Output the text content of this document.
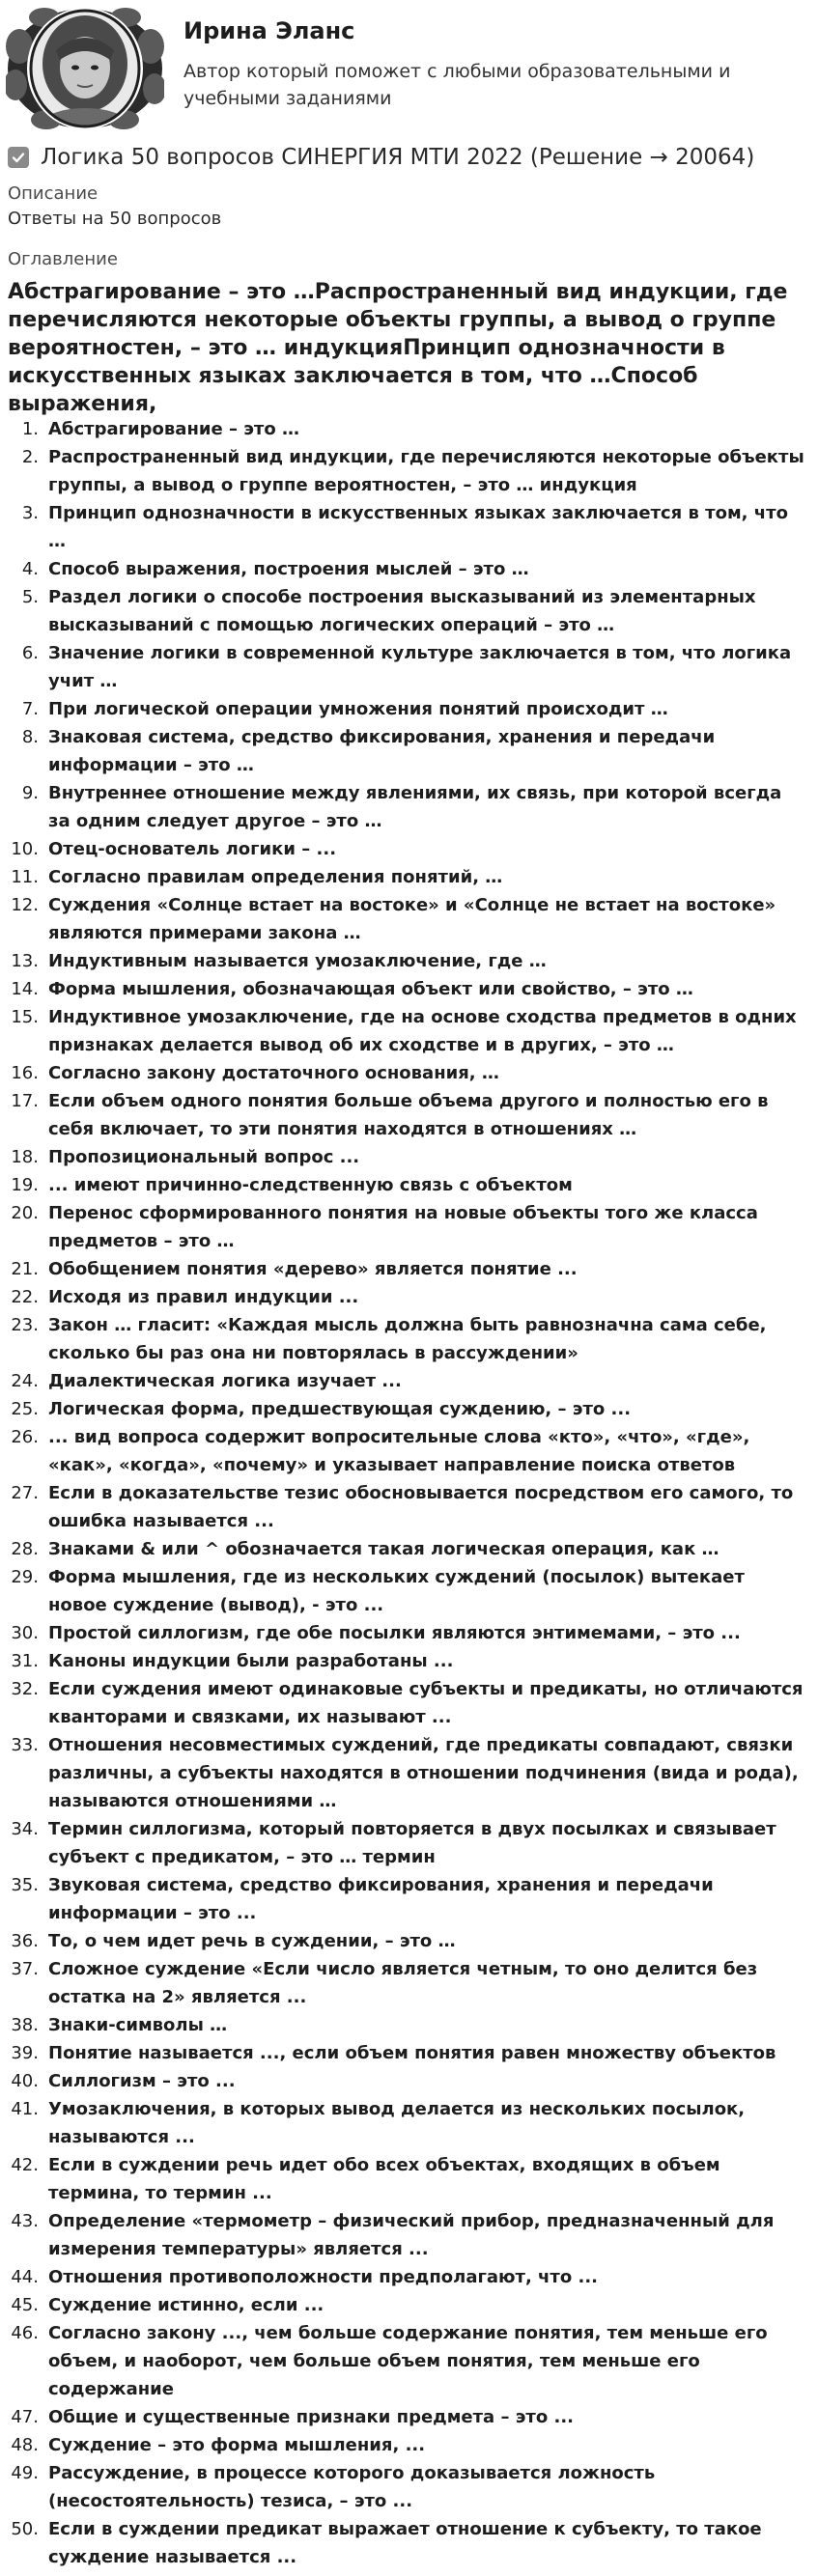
Ирина Эланс
Автор который поможет с любыми образовательными и учебными заданиями
Логика 50 вопросов СИНЕРГИЯ МТИ 2022 (Решение → 20064)
Описание
Ответы на 50 вопросов
Оглавление
Абстрагирование – это …Распространенный вид индукции, где перечисляются некоторые объекты группы, а вывод о группе вероятностен, – это … индукцияПринцип однозначности в искусственных языках заключается в том, что …Способ выражения,
1. Абстрагирование – это …
2. Распространенный вид индукции, где перечисляются некоторые объекты группы, а вывод о группе вероятностен, – это … индукция
3. Принцип однозначности в искусственных языках заключается в том, что …
4. Способ выражения, построения мыслей – это …
5. Раздел логики о способе построения высказываний из элементарных высказываний с помощью логических операций – это …
6. Значение логики в современной культуре заключается в том, что логика учит …
7. При логической операции умножения понятий происходит …
8. Знаковая система, средство фиксирования, хранения и передачи информации – это …
9. Внутреннее отношение между явлениями, их связь, при которой всегда за одним следует другое – это …
10. Отец-основатель логики – ...
11. Согласно правилам определения понятий, …
12. Суждения «Солнце встает на востоке» и «Солнце не встает на востоке» являются примерами закона …
13. Индуктивным называется умозаключение, где …
14. Форма мышления, обозначающая объект или свойство, – это …
15. Индуктивное умозаключение, где на основе сходства предметов в одних признаках делается вывод об их сходстве и в других, – это …
16. Согласно закону достаточного основания, …
17. Если объем одного понятия больше объема другого и полностью его в себя включает, то эти понятия находятся в отношениях …
18. Пропозициональный вопрос ...
19. ... имеют причинно-следственную связь с объектом
20. Перенос сформированного понятия на новые объекты того же класса предметов – это …
21. Обобщением понятия «дерево» является понятие ...
22. Исходя из правил индукции ...
23. Закон … гласит: «Каждая мысль должна быть равнозначна сама себе, сколько бы раз она ни повторялась в рассуждении»
24. Диалектическая логика изучает ...
25. Логическая форма, предшествующая суждению, – это ...
26. ... вид вопроса содержит вопросительные слова «кто», «что», «где», «как», «когда», «почему» и указывает направление поиска ответов
27. Если в доказательстве тезис обосновывается посредством его самого, то ошибка называется ...
28. Знаками & или ^ обозначается такая логическая операция, как …
29. Форма мышления, где из нескольких суждений (посылок) вытекает новое суждение (вывод), - это ...
30. Простой силлогизм, где обе посылки являются энтимемами, – это ...
31. Каноны индукции были разработаны ...
32. Если суждения имеют одинаковые субъекты и предикаты, но отличаются кванторами и связками, их называют ...
33. Отношения несовместимых суждений, где предикаты совпадают, связки различны, а субъекты находятся в отношении подчинения (вида и рода), называются отношениями …
34. Термин силлогизма, который повторяется в двух посылках и связывает субъект с предикатом, – это … термин
35. Звуковая система, средство фиксирования, хранения и передачи информации – это ...
36. То, о чем идет речь в суждении, – это …
37. Сложное суждение «Если число является четным, то оно делится без остатка на 2» является ...
38. Знаки-символы …
39. Понятие называется ..., если объем понятия равен множеству объектов
40. Силлогизм – это ...
41. Умозаключения, в которых вывод делается из нескольких посылок, называются ...
42. Если в суждении речь идет обо всех объектах, входящих в объем термина, то термин ...
43. Определение «термометр – физический прибор, предназначенный для измерения температуры» является ...
44. Отношения противоположности предполагают, что ...
45. Суждение истинно, если ...
46. Согласно закону ..., чем больше содержание понятия, тем меньше его объем, и наоборот, чем больше объем понятия, тем меньше его содержание
47. Общие и существенные признаки предмета – это ...
48. Суждение – это форма мышления, ...
49. Рассуждение, в процессе которого доказывается ложность (несостоятельность) тезиса, – это ...
50. Если в суждении предикат выражает отношение к субъекту, то такое суждение называется ...
